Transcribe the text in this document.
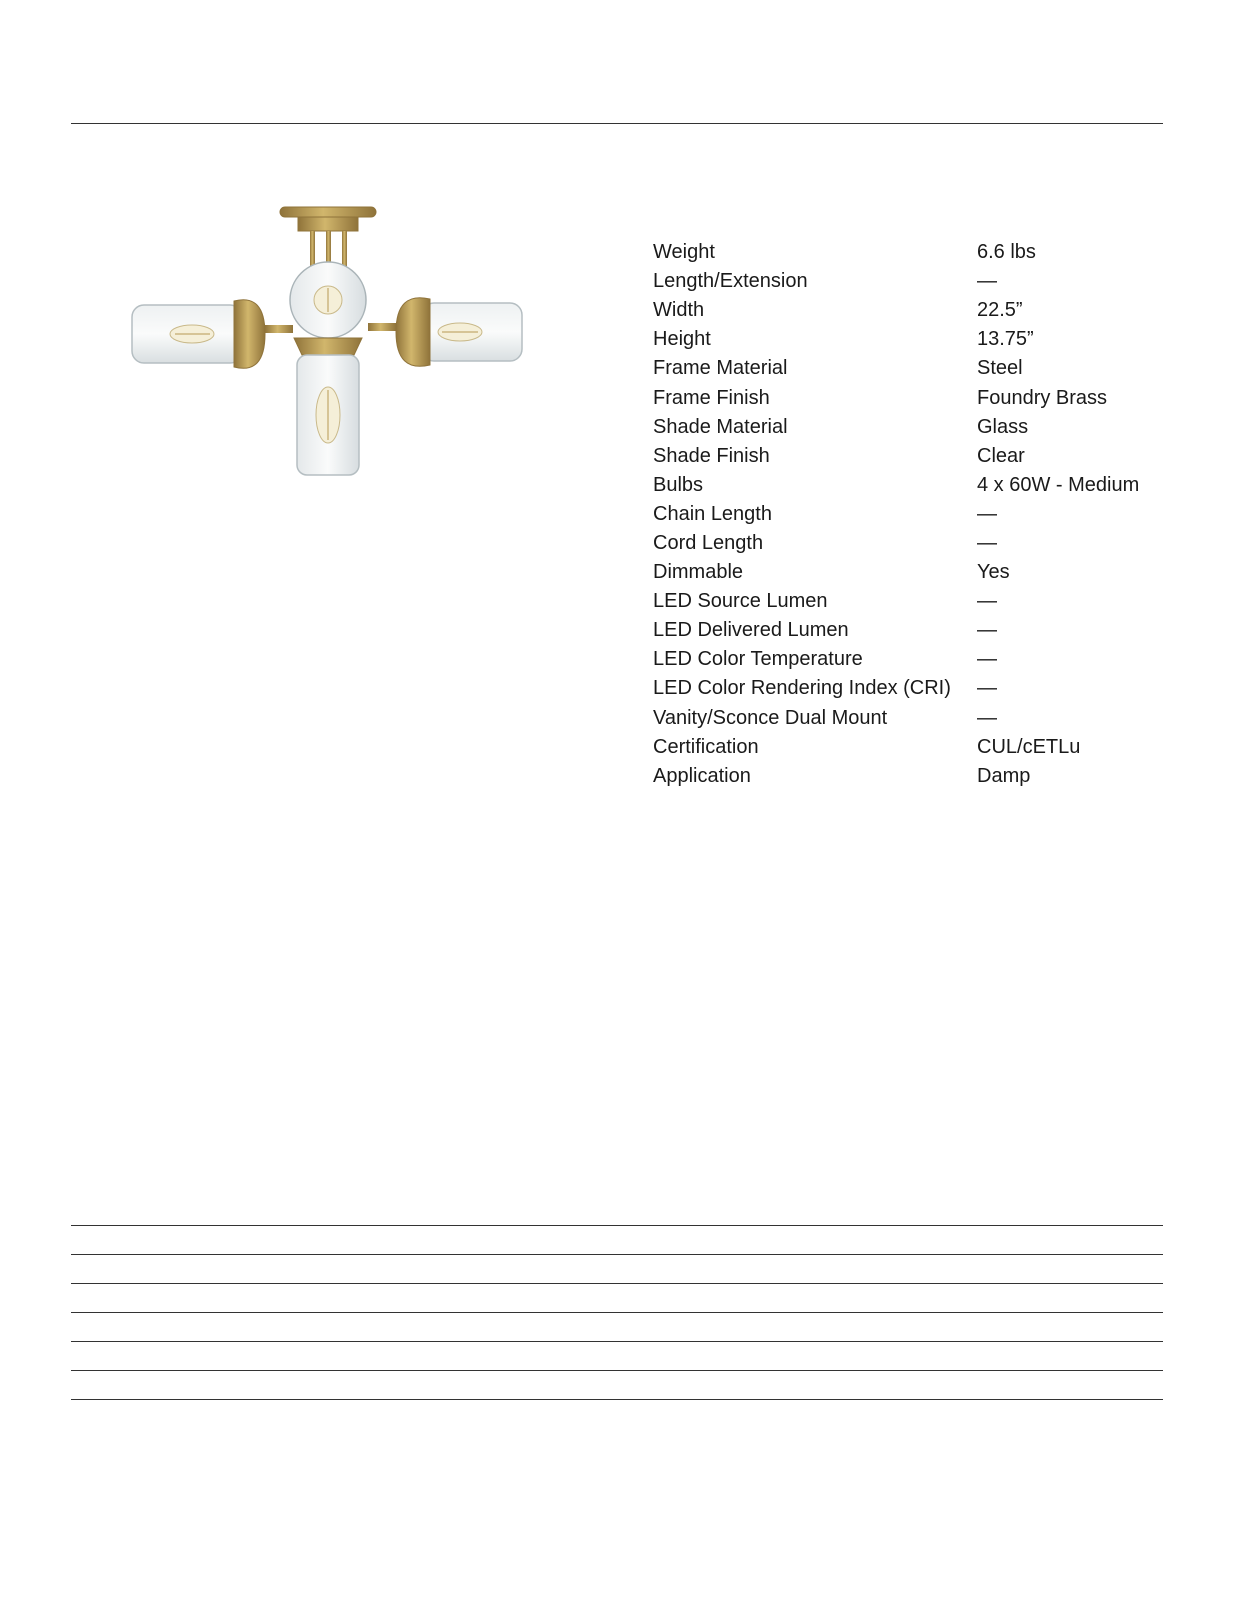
Weight	6.6 lbs
Length/Extension	—
Width	22.5”
Height	13.75”
Frame Material	Steel
Frame Finish	Foundry Brass
Shade Material	Glass
Shade Finish	Clear
Bulbs	4 x 60W - Medium
Chain Length	—
Cord Length	—
Dimmable	Yes
LED Source Lumen	—
LED Delivered Lumen	—
LED Color Temperature	—
LED Color Rendering Index (CRI)	—
Vanity/Sconce Dual Mount	—
Certification	CUL/cETLu
Application	Damp
